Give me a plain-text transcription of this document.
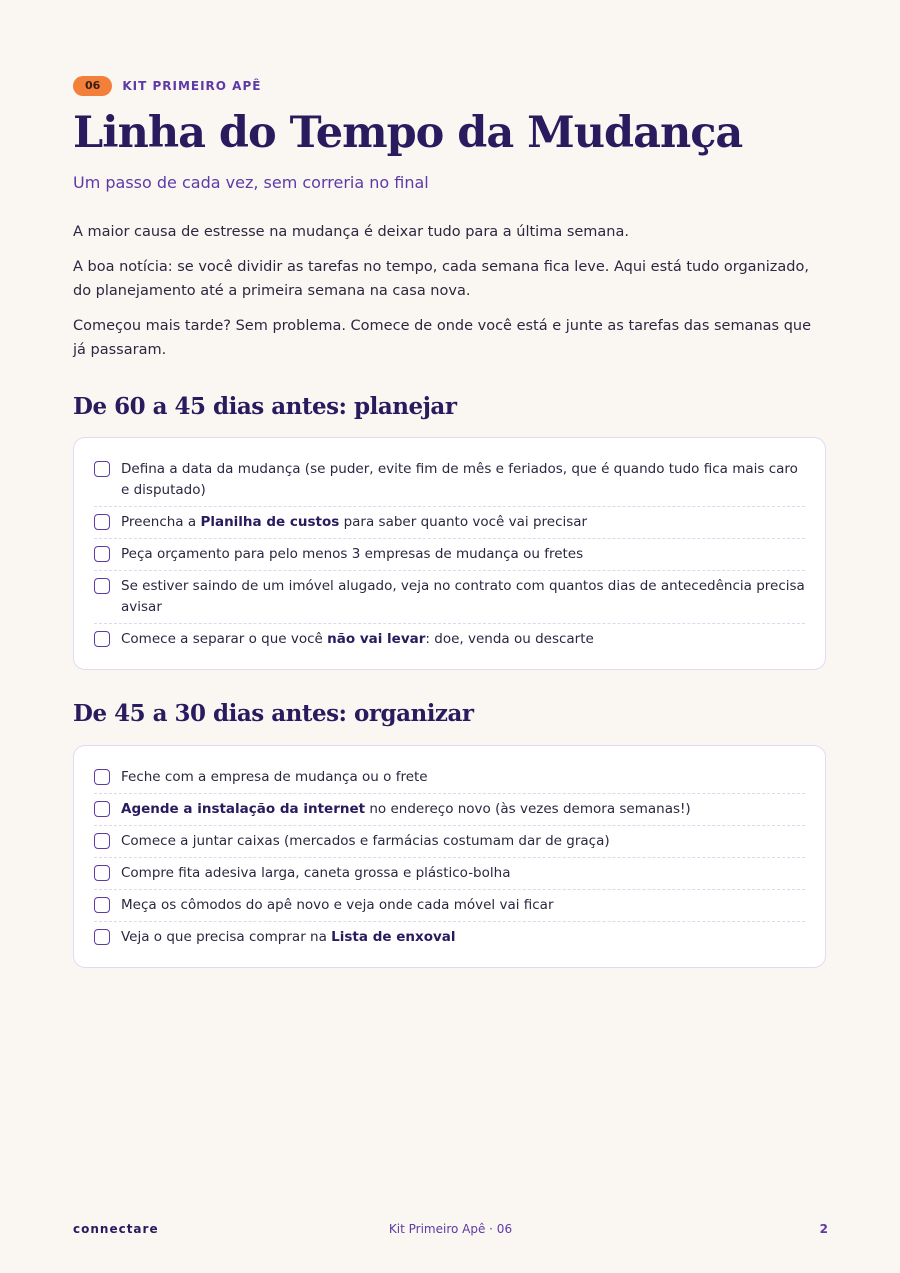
06	KIT PRIMEIRO APÊ
Linha do Tempo da Mudança

Um passo de cada vez, sem correria no final

A maior causa de estresse na mudança é deixar tudo para a última semana.

A boa notícia: se você dividir as tarefas no tempo, cada semana fica leve. Aqui está tudo organizado, do planejamento até a primeira semana na casa nova.

Começou mais tarde? Sem problema. Comece de onde você está e junte as tarefas das semanas que já passaram.

De 60 a 45 dias antes: planejar
Defina a data da mudança (se puder, evite fim de mês e feriados, que é quando tudo fica mais caro e disputado)
Preencha a Planilha de custos para saber quanto você vai precisar
Peça orçamento para pelo menos 3 empresas de mudança ou fretes
Se estiver saindo de um imóvel alugado, veja no contrato com quantos dias de antecedência precisa avisar
Comece a separar o que você não vai levar: doe, venda ou descarte
De 45 a 30 dias antes: organizar
Feche com a empresa de mudança ou o frete
Agende a instalação da internet no endereço novo (às vezes demora semanas!)
Comece a juntar caixas (mercados e farmácias costumam dar de graça)
Compre fita adesiva larga, caneta grossa e plástico-bolha
Meça os cômodos do apê novo e veja onde cada móvel vai ficar
Veja o que precisa comprar na Lista de enxoval
connectare	Kit Primeiro Apê · 06	2
